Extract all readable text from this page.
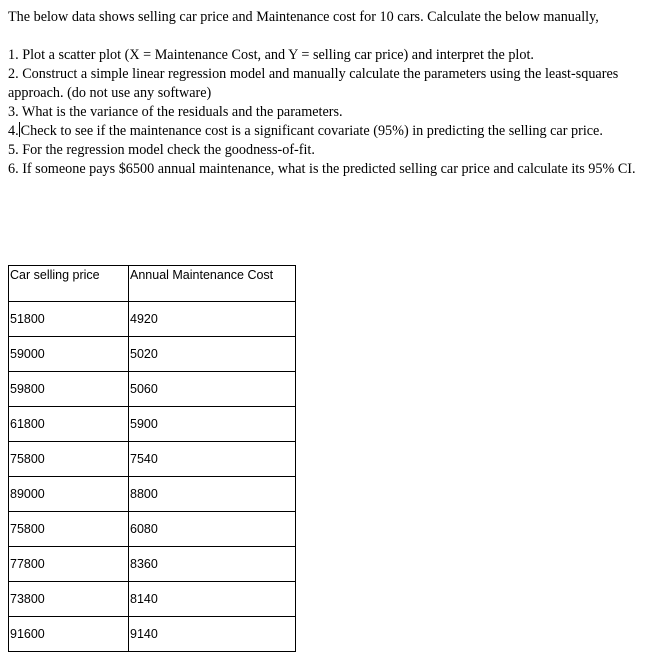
The below data shows selling car price and Maintenance cost for 10 cars. Calculate the below manually,

1. Plot a scatter plot (X = Maintenance Cost, and Y = selling car price) and interpret the plot.
2. Construct a simple linear regression model and manually calculate the parameters using the least-squares approach. (do not use any software)
3. What is the variance of the residuals and the parameters.
4. Check to see if the maintenance cost is a significant covariate (95%) in predicting the selling car price.
5. For the regression model check the goodness-of-fit.
6. If someone pays $6500 annual maintenance, what is the predicted selling car price and calculate its 95% CI.
Car selling price	Annual Maintenance Cost
51800	4920
59000	5020
59800	5060
61800	5900
75800	7540
89000	8800
75800	6080
77800	8360
73800	8140
91600	9140
